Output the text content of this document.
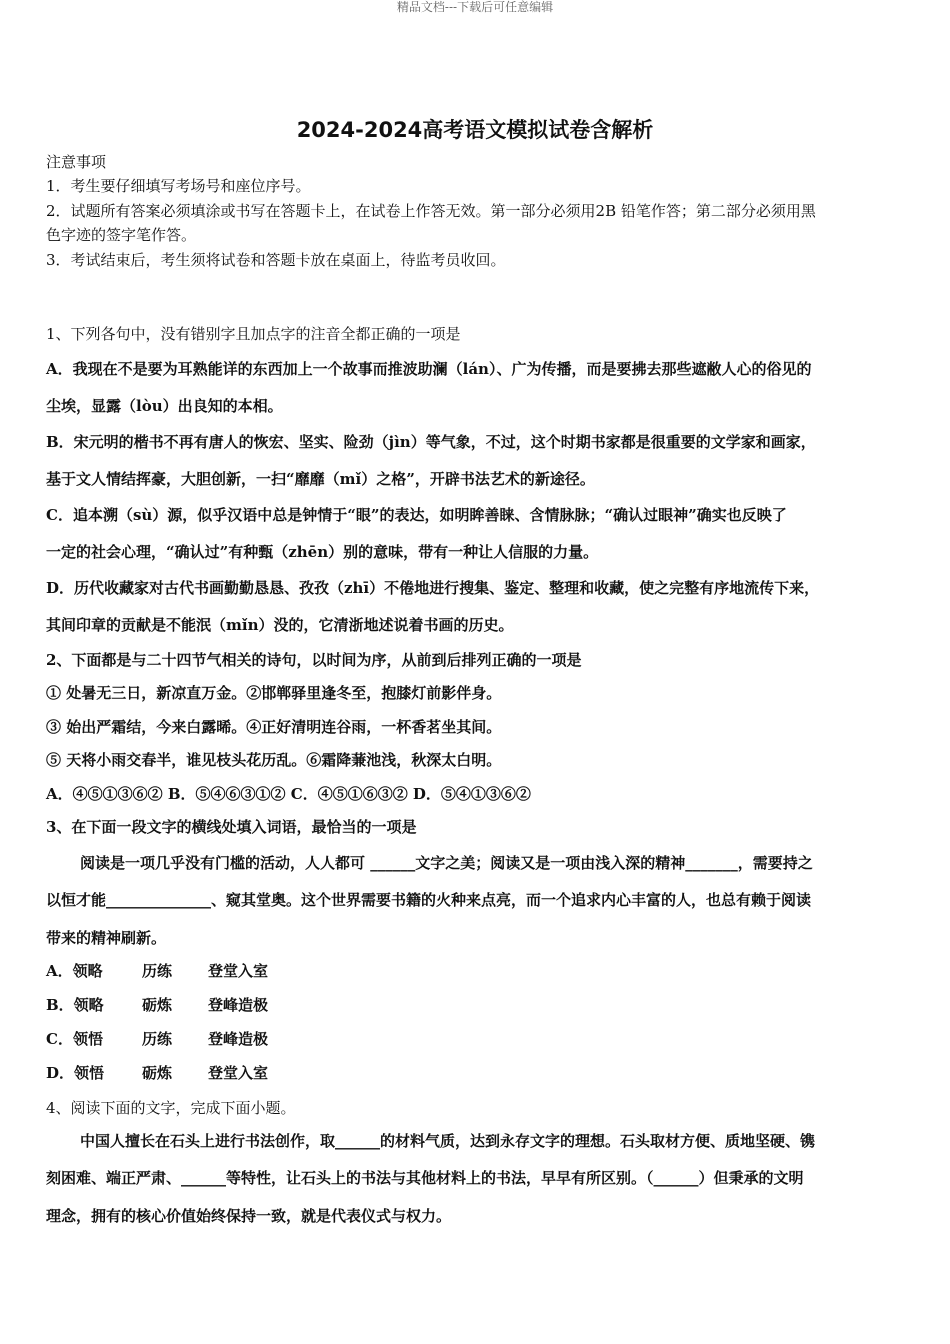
精品文档---下载后可任意编辑
2024-2024高考语文模拟试卷含解析
注意事项
1．考生要仔细填写考场号和座位序号。
2．试题所有答案必须填涂或书写在答题卡上，在试卷上作答无效。第一部分必须用2B 铅笔作答；第二部分必须用黑
色字迹的签字笔作答。
3．考试结束后，考生须将试卷和答题卡放在桌面上，待监考员收回。
1、下列各句中，没有错别字且加点字的注音全都正确的一项是
A．我现在不是要为耳熟能详的东西加上一个故事而推波助澜（lán）、广为传播，而是要拂去那些遮敝人心的俗见的
尘埃，显露（lòu）出良知的本相。
B．宋元明的楷书不再有唐人的恢宏、坚实、险劲（jìn）等气象，不过，这个时期书家都是很重要的文学家和画家，
基于文人情结挥豪，大胆创新，一扫“靡靡（mǐ）之格”，开辟书法艺术的新途径。
C．追本溯（sù）源，似乎汉语中总是钟情于“眼”的表达，如明眸善睐、含情脉脉；“确认过眼神”确实也反映了
一定的社会心理，“确认过”有种甄（zhēn）别的意味，带有一种让人信服的力量。
D．历代收藏家对古代书画勤勤恳恳、孜孜（zhī）不倦地进行搜集、鉴定、整理和收藏，使之完整有序地流传下来，
其间印章的贡献是不能泯（mǐn）没的，它清浙地述说着书画的历史。
2、下面都是与二十四节气相关的诗句，以时间为序，从前到后排列正确的一项是
① 处暑无三日，新凉直万金。②邯郸驿里逢冬至，抱膝灯前影伴身。
③ 始出严霜结，今来白露晞。④正好清明连谷雨，一杯香茗坐其间。
⑤ 天将小雨交春半，谁见枝头花历乱。⑥霜降蒹池浅，秋深太白明。
A．④⑤①③⑥② B．⑤④⑥③①② C．④⑤①⑥③② D．⑤④①③⑥②
3、在下面一段文字的横线处填入词语，最恰当的一项是
阅读是一项几乎没有门槛的活动，人人都可 ______文字之美；阅读又是一项由浅入深的精神_______，需要持之
以恒才能______________、窥其堂奥。这个世界需要书籍的火种来点亮，而一个追求内心丰富的人，也总有赖于阅读
带来的精神刷新。
A．领略	历练 登堂入室
B．领略	砺炼 登峰造极
C．领悟	历练 登峰造极
D．领悟	砺炼 登堂入室
4、阅读下面的文字，完成下面小题。
中国人擅长在石头上进行书法创作，取______的材料气质，达到永存文字的理想。石头取材方便、质地坚硬、镌
刻困难、端正严肃、______等特性，让石头上的书法与其他材料上的书法，早早有所区别。（______）但秉承的文明
理念，拥有的核心价值始终保持一致，就是代表仪式与权力。
